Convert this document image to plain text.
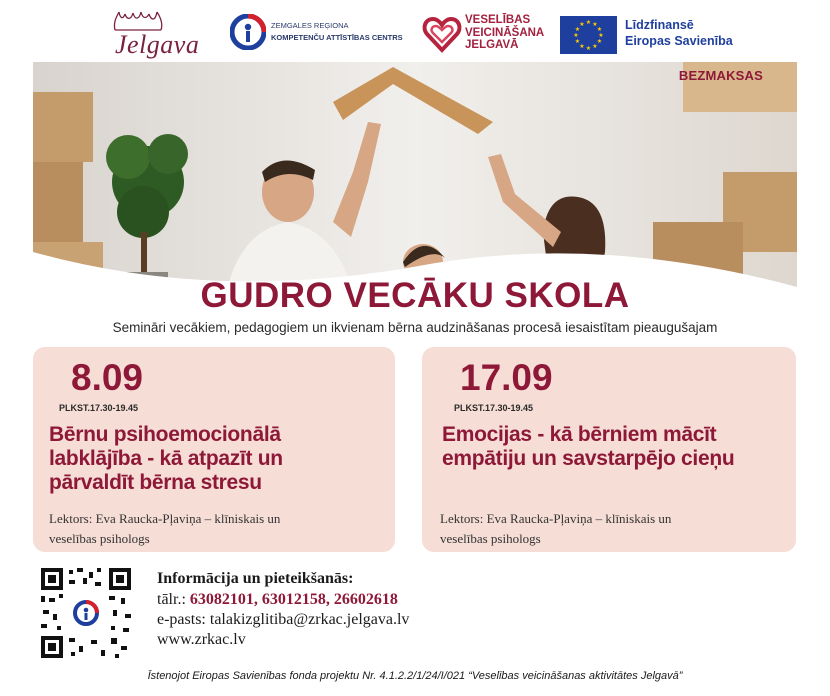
Jelgava
ZEMGALES REĢIONA
KOMPETENČU ATTĪSTĪBAS CENTRS
VESELĪBAS
VEICINĀŠANA
JELGAVĀ
★ ★
★
★
★
★
★
★
★
★
★
★	Līdzfinansē
Eiropas Savienība
BEZMAKSAS
GUDRO VECĀKU SKOLA
Semināri vecākiem, pedagogiem un ikvienam bērna audzināšanas procesā iesaistītam pieaugušajam
8.09
PLKST.17.30-19.45
Bērnu psihoemocionālā
labklājība - kā atpazīt un
pārvaldīt bērna stresu
Lektors: Eva Raucka-Pļaviņa – klīniskais un
veselības psihologs
17.09
PLKST.17.30-19.45
Emocijas - kā bērniem mācīt
empātiju un savstarpējo cieņu
Lektors: Eva Raucka-Pļaviņa – klīniskais un
veselības psihologs
Informācija un pieteikšanās:
tālr.: 63082101, 63012158, 26602618
e-pasts: talakizglitiba@zrkac.jelgava.lv
www.zrkac.lv
Īstenojot Eiropas Savienības fonda projektu Nr. 4.1.2.2/1/24/I/021 “Veselības veicināšanas aktivitātes Jelgavā”
